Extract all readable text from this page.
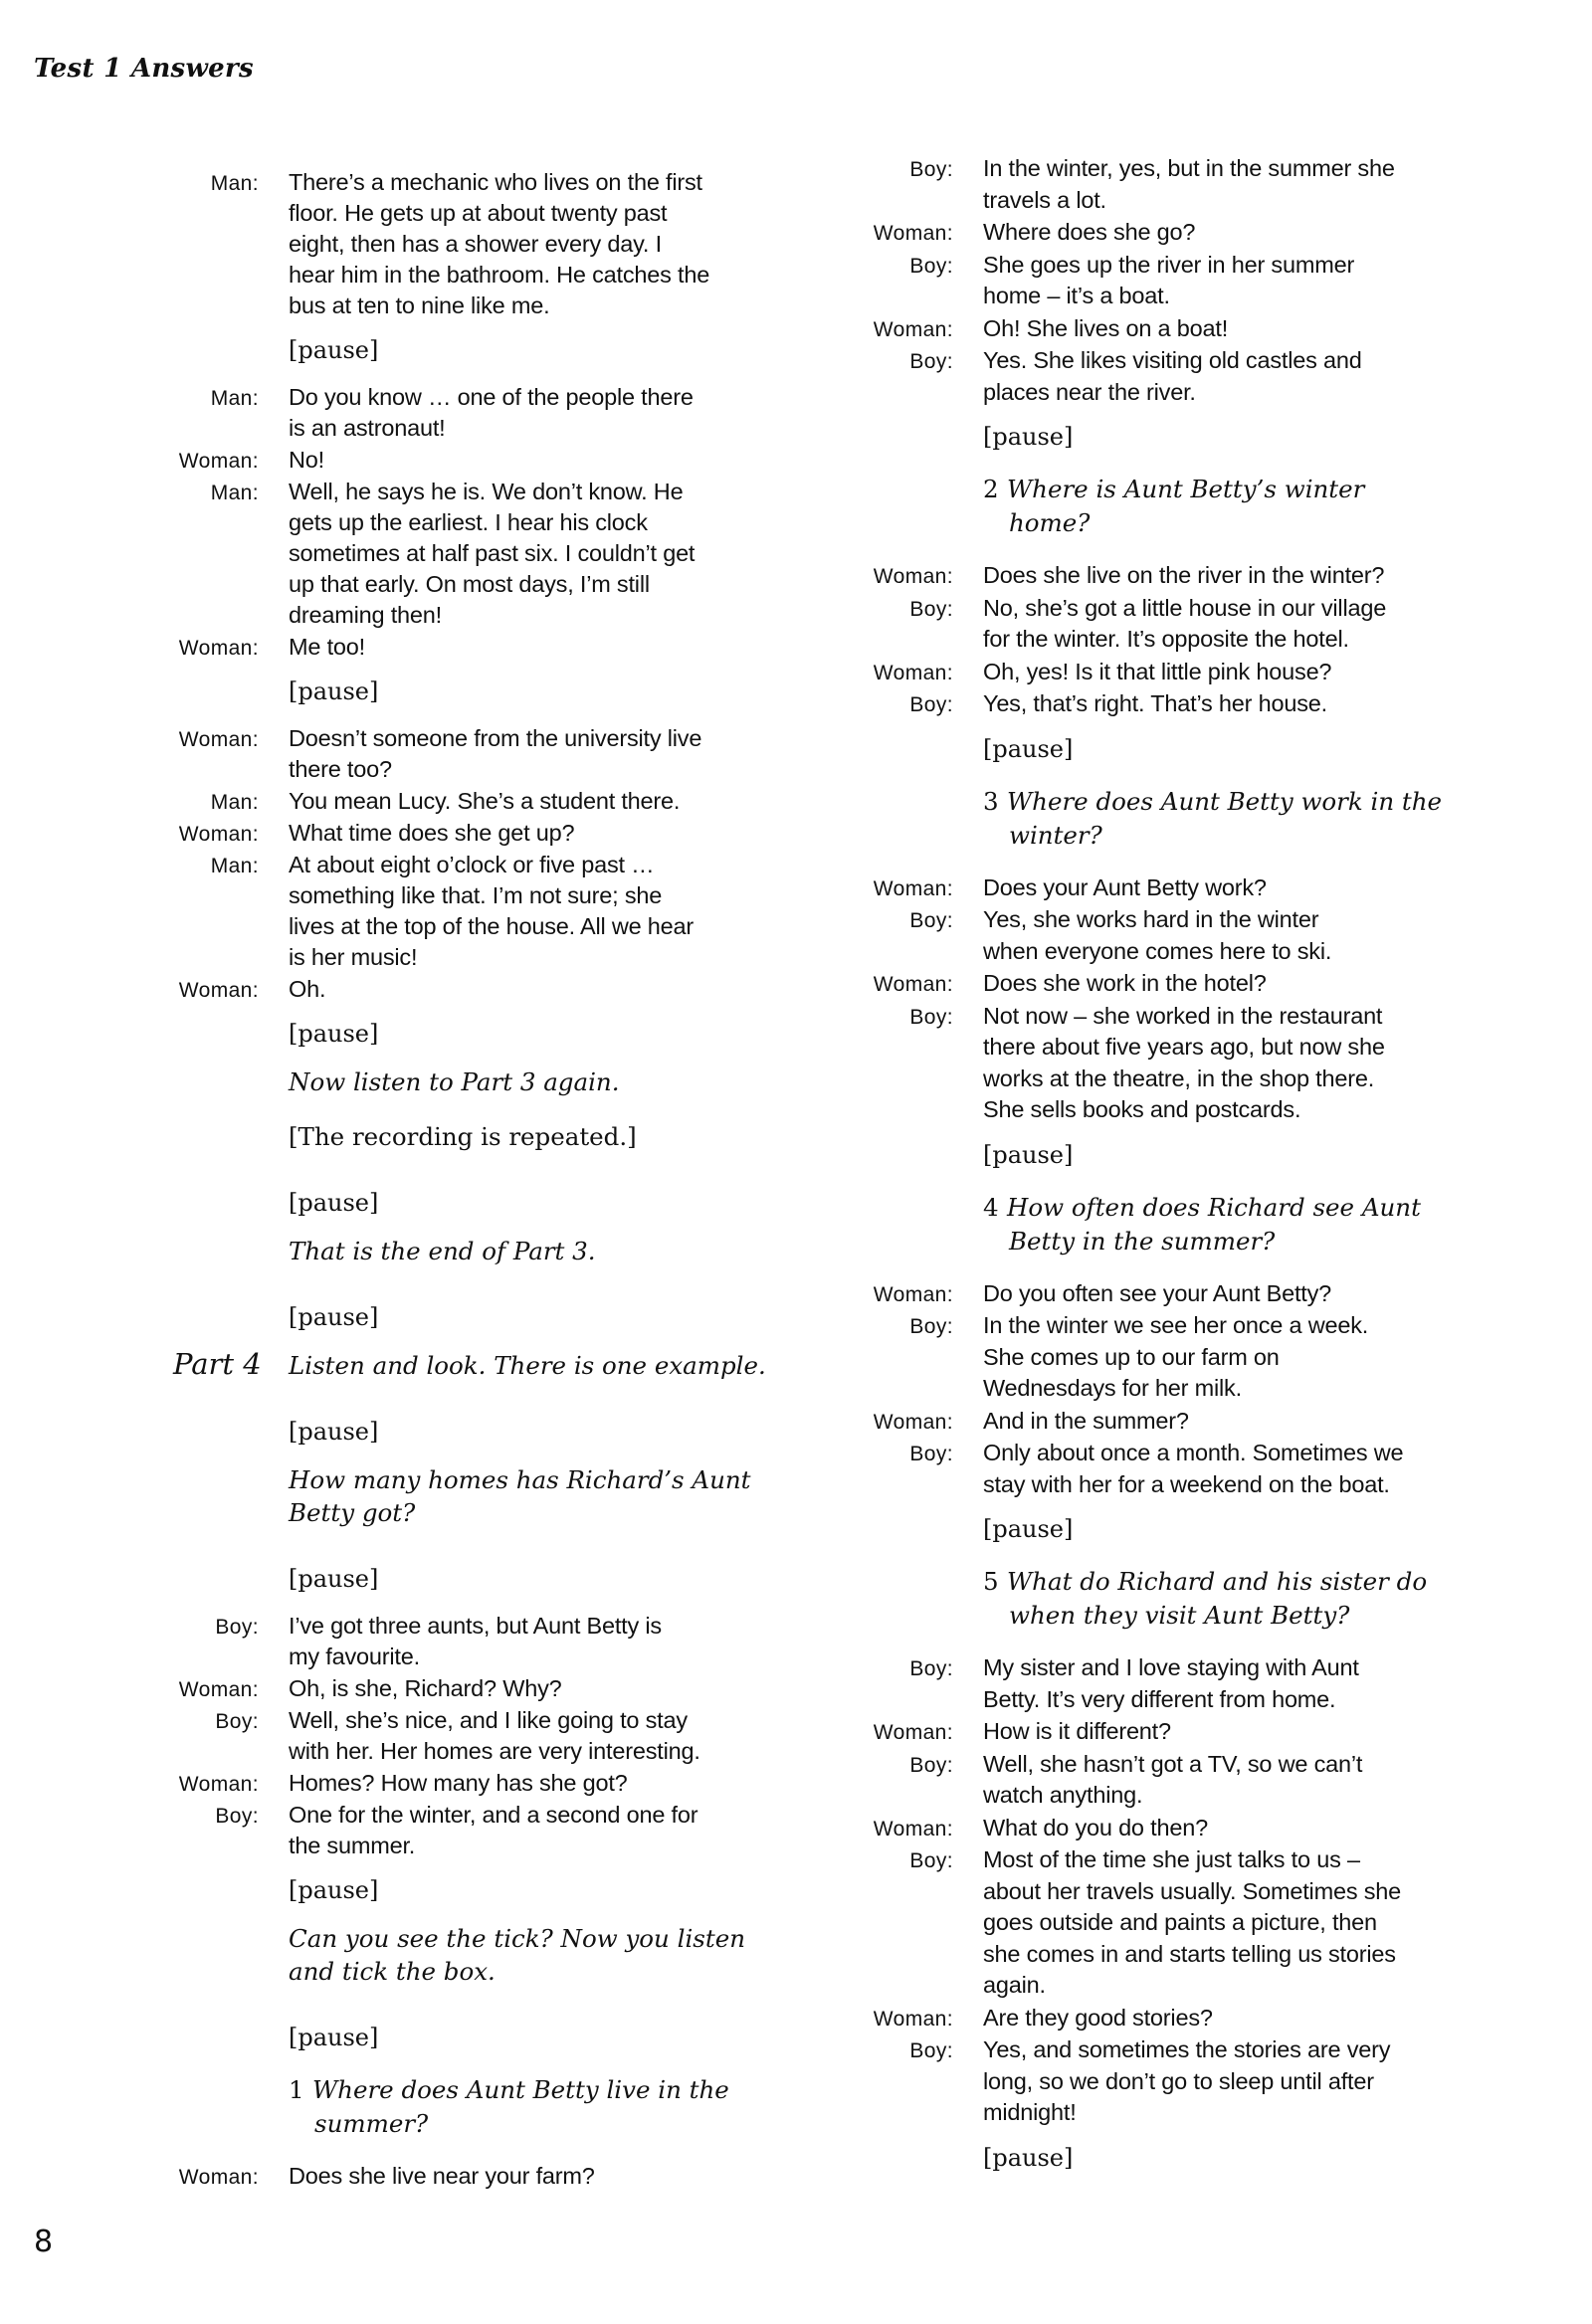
Test 1 Answers
Man: There’s a mechanic who lives on the first
floor. He gets up at about twenty past
eight, then has a shower every day. I
hear him in the bathroom. He catches the
bus at ten to nine like me.
[pause]
Man: Do you know … one of the people there
is an astronaut!
Woman: No!
Man: Well, he says he is. We don’t know. He
gets up the earliest. I hear his clock
sometimes at half past six. I couldn’t get
up that early. On most days, I’m still
dreaming then!
Woman: Me too!
[pause]
Woman: Doesn’t someone from the university live
there too?
Man: You mean Lucy. She’s a student there.
Woman: What time does she get up?
Man: At about eight o’clock or five past …
something like that. I’m not sure; she
lives at the top of the house. All we hear
is her music!
Woman: Oh.
[pause]
Now listen to Part 3 again.
[The recording is repeated.]
[pause]
That is the end of Part 3.
[pause]
Part 4 Listen and look. There is one example.
[pause]
How many homes has Richard’s Aunt
Betty got?
[pause]
Boy: I’ve got three aunts, but Aunt Betty is
my favourite.
Woman: Oh, is she, Richard? Why?
Boy: Well, she’s nice, and I like going to stay
with her. Her homes are very interesting.
Woman: Homes? How many has she got?
Boy: One for the winter, and a second one for
the summer.
[pause]
Can you see the tick? Now you listen
and tick the box.
[pause]
1 Where does Aunt Betty live in the
summer?
Woman: Does she live near your farm?
Boy: In the winter, yes, but in the summer she
travels a lot.
Woman: Where does she go?
Boy: She goes up the river in her summer
home – it’s a boat.
Woman: Oh! She lives on a boat!
Boy: Yes. She likes visiting old castles and
places near the river.
[pause]
2 Where is Aunt Betty’s winter
home?
Woman: Does she live on the river in the winter?
Boy: No, she’s got a little house in our village
for the winter. It’s opposite the hotel.
Woman: Oh, yes! Is it that little pink house?
Boy: Yes, that’s right. That’s her house.
[pause]
3 Where does Aunt Betty work in the
winter?
Woman: Does your Aunt Betty work?
Boy: Yes, she works hard in the winter
when everyone comes here to ski.
Woman: Does she work in the hotel?
Boy: Not now – she worked in the restaurant
there about five years ago, but now she
works at the theatre, in the shop there.
She sells books and postcards.
[pause]
4 How often does Richard see Aunt
Betty in the summer?
Woman: Do you often see your Aunt Betty?
Boy: In the winter we see her once a week.
She comes up to our farm on
Wednesdays for her milk.
Woman: And in the summer?
Boy: Only about once a month. Sometimes we
stay with her for a weekend on the boat.
[pause]
5 What do Richard and his sister do
when they visit Aunt Betty?
Boy: My sister and I love staying with Aunt
Betty. It’s very different from home.
Woman: How is it different?
Boy: Well, she hasn’t got a TV, so we can’t
watch anything.
Woman: What do you do then?
Boy: Most of the time she just talks to us –
about her travels usually. Sometimes she
goes outside and paints a picture, then
she comes in and starts telling us stories
again.
Woman: Are they good stories?
Boy: Yes, and sometimes the stories are very
long, so we don’t go to sleep until after
midnight!
[pause]
8
